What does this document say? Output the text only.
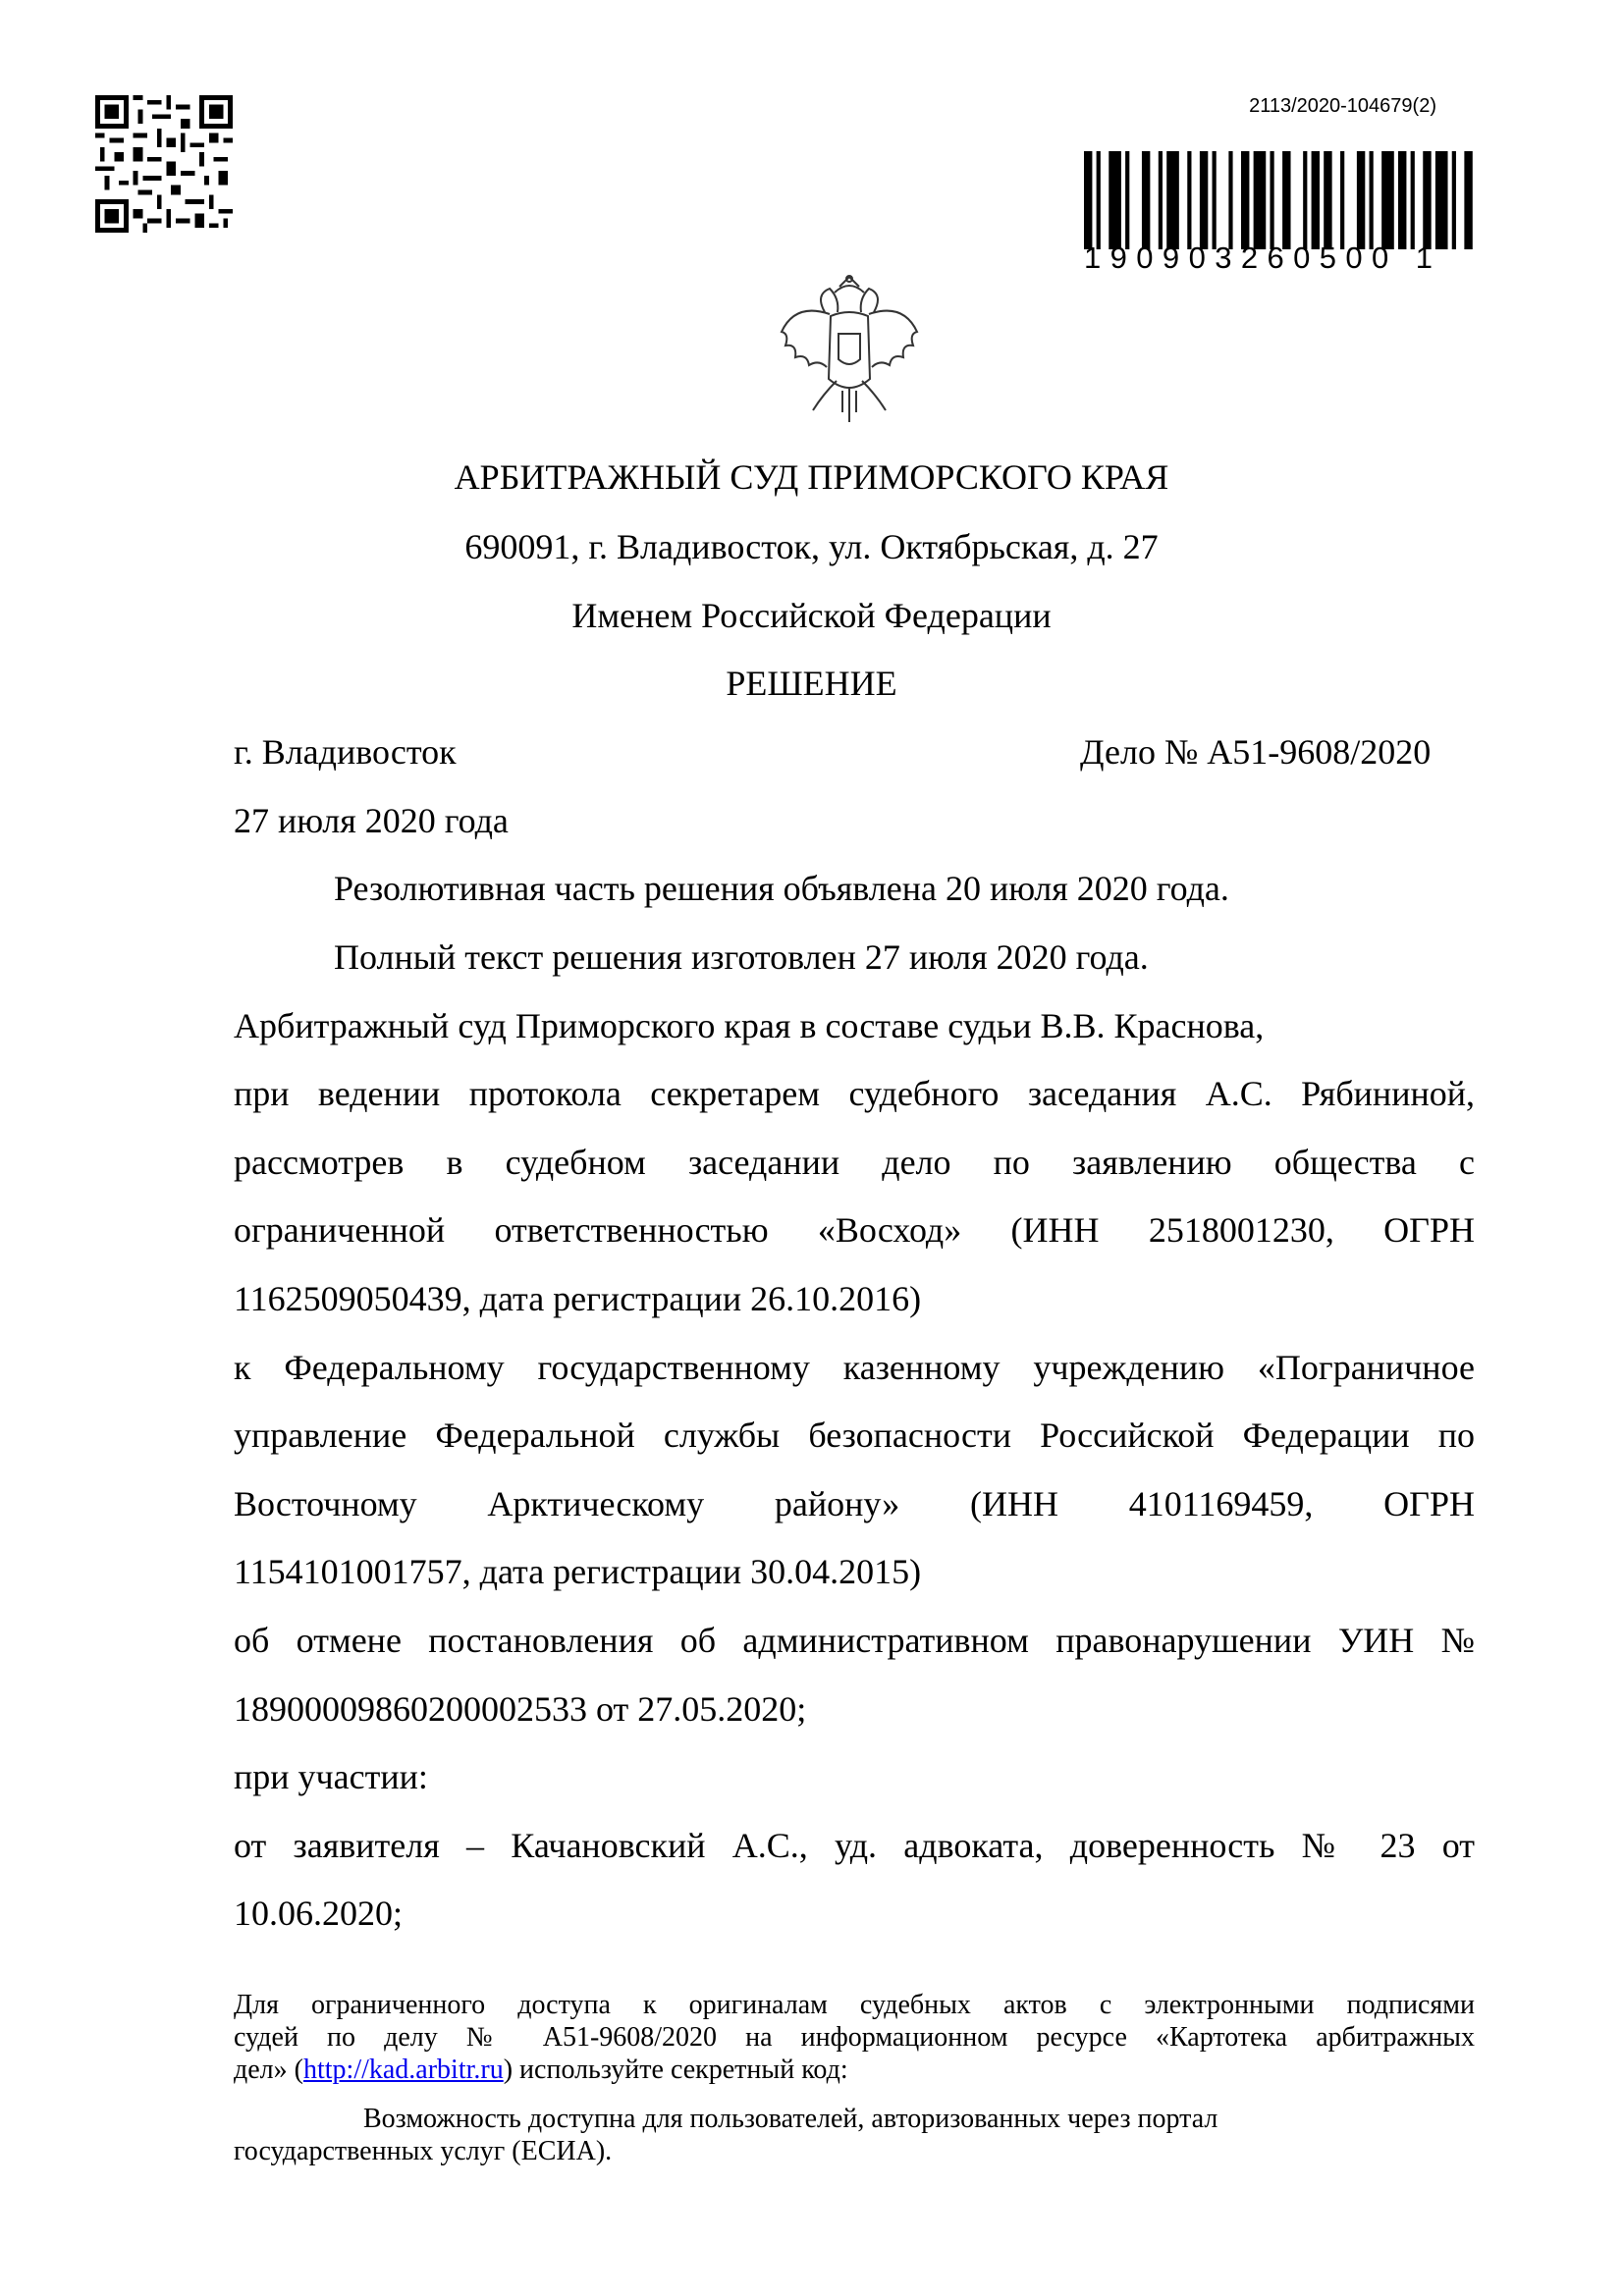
2113/2020-104679(2)
190903260500 1
АРБИТРАЖНЫЙ СУД ПРИМОРСКОГО КРАЯ
690091, г. Владивосток, ул. Октябрьская, д. 27
Именем Российской Федерации
РЕШЕНИЕ
г. Владивосток	Дело № А51-9608/2020
27 июля 2020 года
Резолютивная часть решения объявлена 20 июля 2020 года.
Полный текст решения изготовлен 27 июля 2020 года.
Арбитражный суд Приморского края в составе судьи В.В. Краснова,
при ведении протокола секретарем судебного заседания А.С. Рябининой,
рассмотрев в судебном заседании дело по заявлению общества с
ограниченной ответственностью «Восход» (ИНН 2518001230, ОГРН
1162509050439, дата регистрации 26.10.2016)
к Федеральному государственному казенному учреждению «Пограничное
управление Федеральной службы безопасности Российской Федерации по
Восточному Арктическому району» (ИНН 4101169459, ОГРН
1154101001757, дата регистрации 30.04.2015)
об отмене постановления об административном правонарушении УИН №
18900009860200002533 от 27.05.2020;
при участии:
от заявителя – Качановский А.С., уд. адвоката, доверенность № 23 от
10.06.2020;
Для ограниченного доступа к оригиналам судебных актов с электронными подписями
судей по делу № А51-9608/2020 на информационном ресурсе «Картотека арбитражных
дел» (http://kad.arbitr.ru) используйте секретный код:
Возможность доступна для пользователей, авторизованных через портал
государственных услуг (ЕСИА).
